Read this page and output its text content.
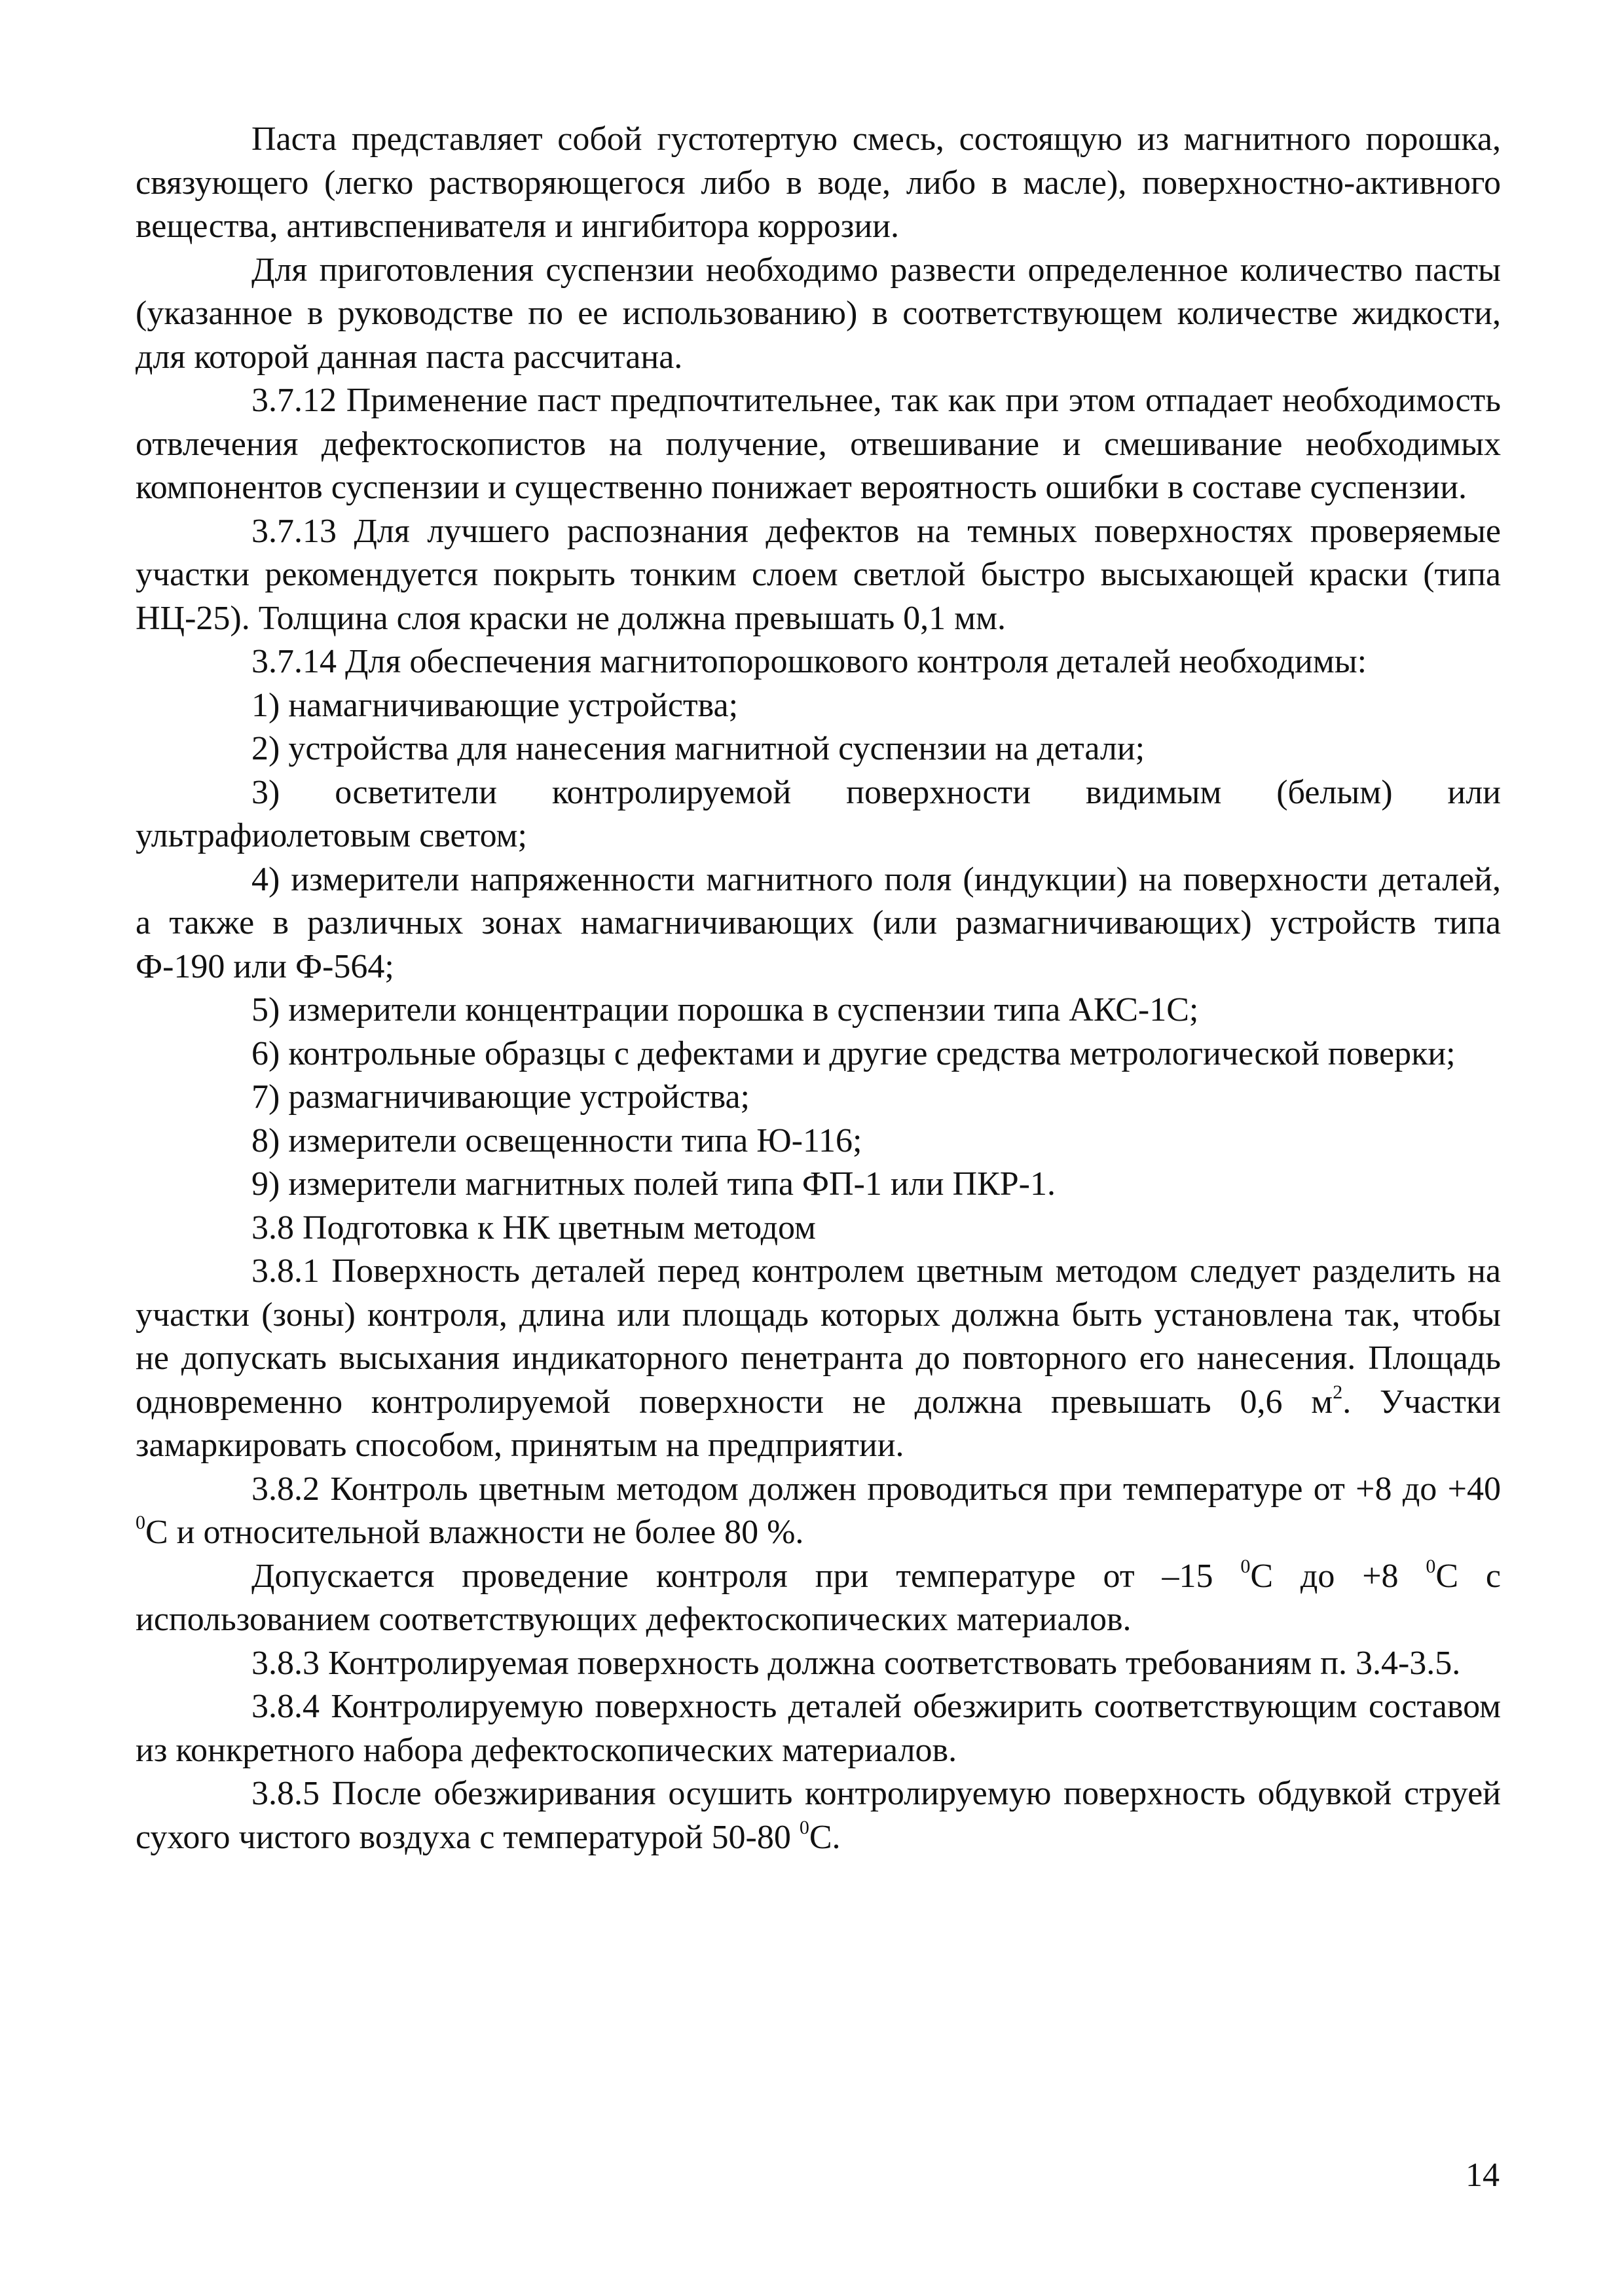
Паста представляет собой густотертую смесь, состоящую из магнитного порошка, связующего (легко растворяющегося либо в воде, либо в масле), поверхностно-активного вещества, антивспенивателя и ингибитора коррозии.

Для приготовления суспензии необходимо развести определенное количество пасты (указанное в руководстве по ее использованию) в соответствующем количестве жидкости, для которой данная паста рассчитана.

3.7.12 Применение паст предпочтительнее, так как при этом отпадает необходимость отвлечения дефектоскопистов на получение, отвешивание и смешивание необходимых компонентов суспензии и существенно понижает вероятность ошибки в составе суспензии.

3.7.13 Для лучшего распознания дефектов на темных поверхностях проверяемые участки рекомендуется покрыть тонким слоем светлой быстро высыхающей краски (типа НЦ-25). Толщина слоя краски не должна превышать 0,1 мм.

3.7.14 Для обеспечения магнитопорошкового контроля деталей необходимы:

1) намагничивающие устройства;

2) устройства для нанесения магнитной суспензии на детали;

3) осветители контролируемой поверхности видимым (белым) или ультрафиолетовым светом;

4) измерители напряженности магнитного поля (индукции) на поверхности деталей, а также в различных зонах намагничивающих (или размагничивающих) устройств типа Ф-190 или Ф-564;

5) измерители концентрации порошка в суспензии типа АКС-1С;

6) контрольные образцы с дефектами и другие средства метрологической поверки;

7) размагничивающие устройства;

8) измерители освещенности типа Ю-116;

9) измерители магнитных полей типа ФП-1 или ПКР-1.

3.8 Подготовка к НК цветным методом

3.8.1 Поверхность деталей перед контролем цветным методом следует разделить на участки (зоны) контроля, длина или площадь которых должна быть установлена так, чтобы не допускать высыхания индикаторного пенетранта до повторного его нанесения. Площадь одновременно контролируемой поверхности не должна превышать 0,6 $м^2$. Участки замаркировать способом, принятым на предприятии.

3.8.2 Контроль цветным методом должен проводиться при температуре от +8 до +40 $^0$С и относительной влажности не более 80 %.

Допускается проведение контроля при температуре от –15 $^0$С до +8 $^0$С с использованием соответствующих дефектоскопических материалов.

3.8.3 Контролируемая поверхность должна соответствовать требованиям п. 3.4-3.5.

3.8.4 Контролируемую поверхность деталей обезжирить соответствующим составом из конкретного набора дефектоскопических материалов.

3.8.5 После обезжиривания осушить контролируемую поверхность обдувкой струей сухого чистого воздуха с температурой 50-80 $^0$С.

14
